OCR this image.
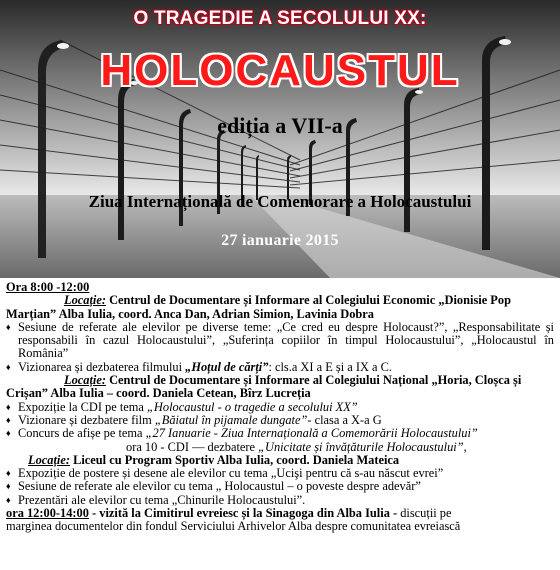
O TRAGEDIE A SECOLULUI XX:
HOLOCAUSTUL
ediția a VII-a
Ziua Internațională de Comemorare a Holocaustului
27 ianuarie 2015

Ora 8:00 -12:00

Locație: Centrul de Documentare și Informare al Colegiului Economic „Dionisie Pop

Marțian” Alba Iulia, coord. Anca Dan, Adrian Simion, Lavinia Dobra

♦ Sesiune de referate ale elevilor pe diverse teme: „Ce cred eu despre Holocaust?”, „Responsabilitate și responsabili în cazul Holocaustului”, „Suferința copiilor în timpul Holocaustului”, „Holocaustul în România”

♦ Vizionarea și dezbaterea filmului „Hoțul de cărți”: cls.a XI a E și a IX a C.

Locație: Centrul de Documentare și Informare al Colegiului Național „Horia, Cloșca și

Crișan” Alba Iulia – coord. Daniela Cetean, Bîrz Lucreția

♦ Expoziție la CDI pe tema „Holocaustul - o tragedie a secolului XX”

♦ Vizionare și dezbatere film „Băiatul în pijamale dungate”- clasa a X-a G

♦ Concurs de afișe pe tema „27 Ianuarie - Ziua Internațională a Comemorării Holocaustului”

ora 10 - CDI — dezbatere „Unicitate și învățăturile Holocaustului”,

Locație: Liceul cu Program Sportiv Alba Iulia, coord. Daniela Mateica

♦ Expoziție de postere și desene ale elevilor cu tema „Ucişi pentru că s-au născut evrei”

♦ Sesiune de referate ale elevilor cu tema „ Holocaustul – o poveste despre adevăr”

♦ Prezentări ale elevilor cu tema „Chinurile Holocaustului”.

ora 12:00-14:00 - vizită la Cimitirul evreiesc și la Sinagoga din Alba Iulia - discuții pe

marginea documentelor din fondul Serviciului Arhivelor Alba despre comunitatea evreiască
